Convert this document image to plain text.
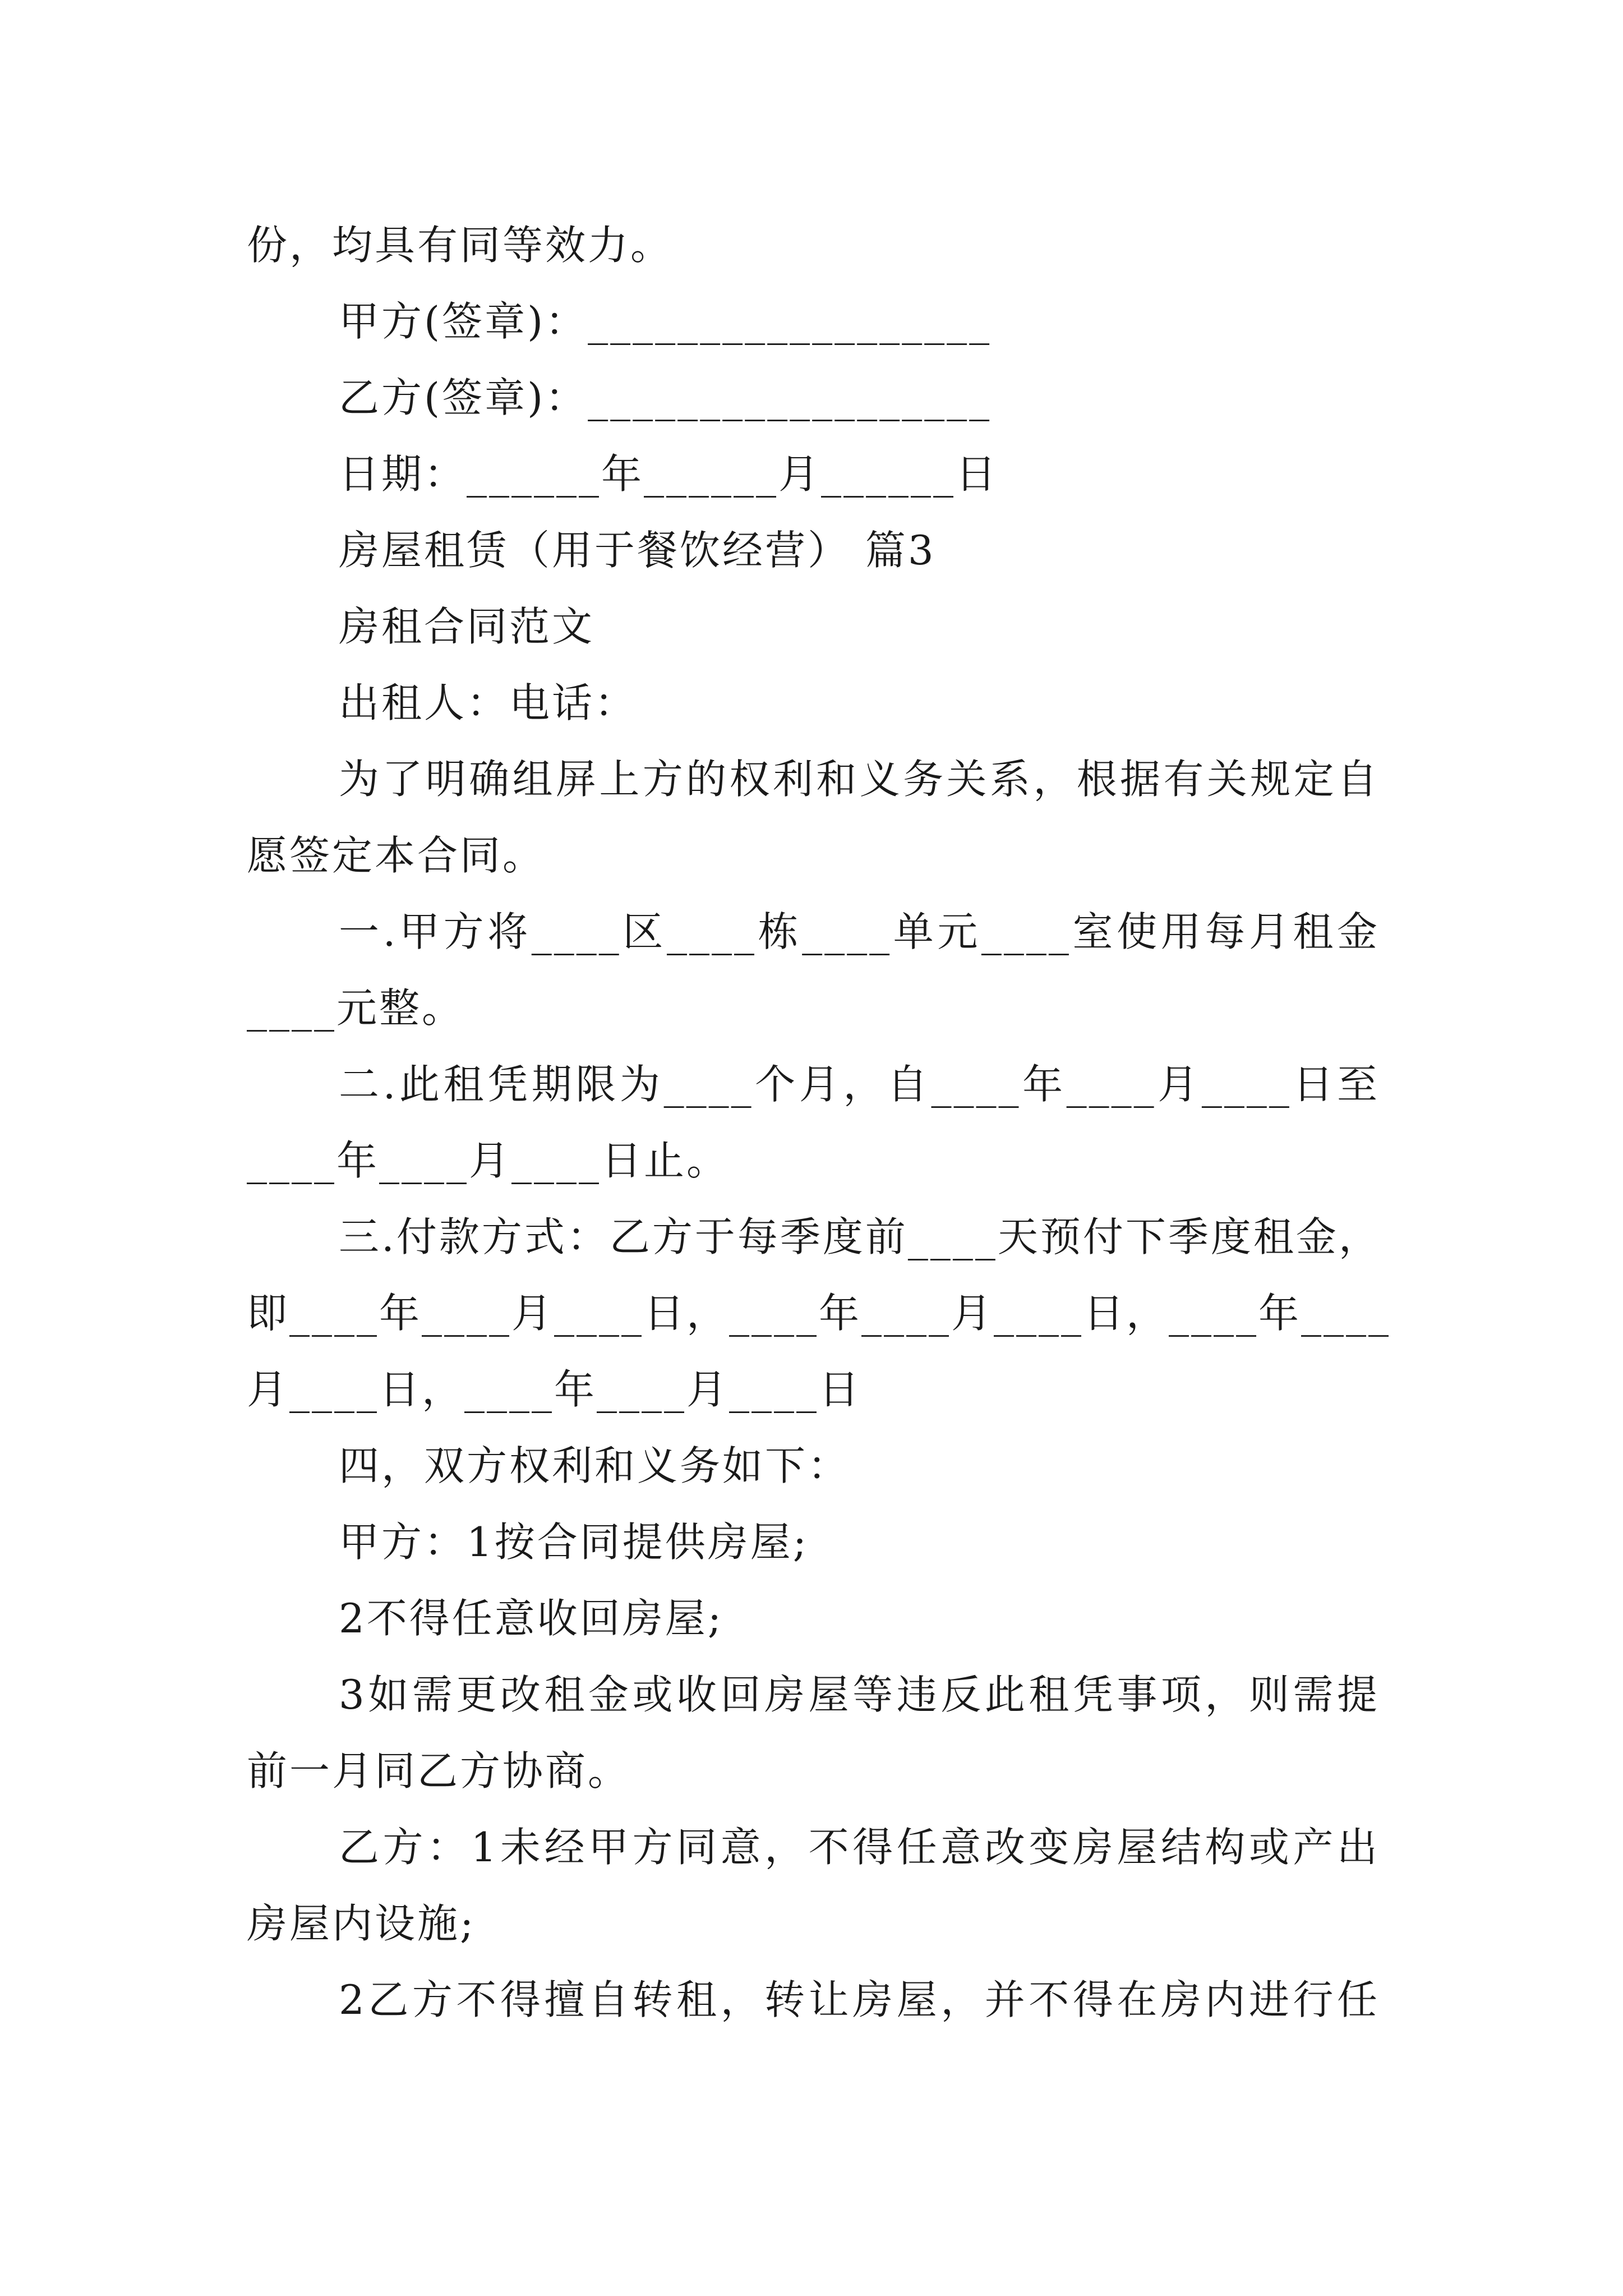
份，均具有同等效力。
甲方(签章)：__________________
乙方(签章)：__________________
日期：______年______月______日
房屋租赁（用于餐饮经营） 篇3
房租合同范文
出租人：电话：
为了明确组屏上方的权利和义务关系，根据有关规定自
愿签定本合同。
一.甲方将____区____栋____单元____室使用每月租金
____元整。
二.此租凭期限为____个月，自____年____月____日至
____年____月____日止。
三.付款方式：乙方于每季度前____天预付下季度租金，
即____年____月____日，____年____月____日，____年____
月____日，____年____月____日
四，双方权利和义务如下：
甲方：1按合同提供房屋;
2不得任意收回房屋;
3如需更改租金或收回房屋等违反此租凭事项，则需提
前一月同乙方协商。
乙方：1未经甲方同意，不得任意改变房屋结构或产出
房屋内设施;
2乙方不得擅自转租，转让房屋，并不得在房内进行任
